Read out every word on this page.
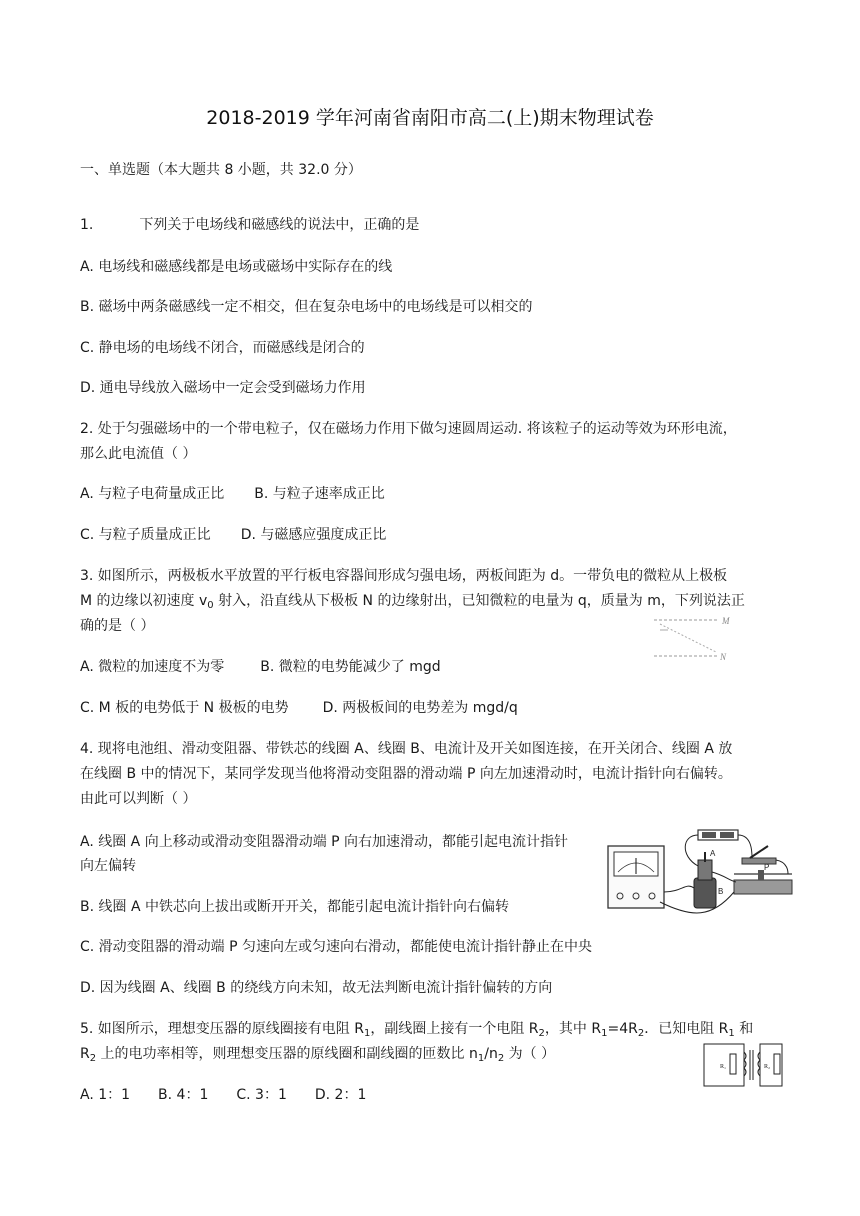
2018-2019 学年河南省南阳市高二(上)期末物理试卷
一、单选题（本大题共 8 小题，共 32.0 分）
1.	下列关于电场线和磁感线的说法中，正确的是
A. 电场线和磁感线都是电场或磁场中实际存在的线
B. 磁场中两条磁感线一定不相交，但在复杂电场中的电场线是可以相交的
C. 静电场的电场线不闭合，而磁感线是闭合的
D. 通电导线放入磁场中一定会受到磁场力作用
2. 处于匀强磁场中的一个带电粒子，仅在磁场力作用下做匀速圆周运动. 将该粒子的运动等效为环形电流，
那么此电流值（ ）
A. 与粒子电荷量成正比 B. 与粒子速率成正比
C. 与粒子质量成正比 D. 与磁感应强度成正比
3. 如图所示，两极板水平放置的平行板电容器间形成匀强电场，两板间距为 d。一带负电的微粒从上极板
M 的边缘以初速度 $v_0$ 射入，沿直线从下极板 N 的边缘射出，已知微粒的电量为 q，质量为 m，下列说法正
确的是（ ）
A. 微粒的加速度不为零	B. 微粒的电势能减少了 mgd
C. M 板的电势低于 N 极板的电势 D. 两极板间的电势差为 mgd/q
M
N
4. 现将电池组、滑动变阻器、带铁芯的线圈 A、线圈 B、电流计及开关如图连接，在开关闭合、线圈 A 放
在线圈 B 中的情况下，某同学发现当他将滑动变阻器的滑动端 P 向左加速滑动时，电流计指针向右偏转。
由此可以判断（ ）
A. 线圈 A 向上移动或滑动变阻器滑动端 P 向右加速滑动，都能引起电流计指针
向左偏转
B. 线圈 A 中铁芯向上拔出或断开开关，都能引起电流计指针向右偏转
C. 滑动变阻器的滑动端 P 匀速向左或匀速向右滑动，都能使电流计指针静止在中央
D. 因为线圈 A、线圈 B 的绕线方向未知，故无法判断电流计指针偏转的方向
B
A
P
5. 如图所示，理想变压器的原线圈接有电阻 $R_1$，副线圈上接有一个电阻 $R_2$，其中 $R_1=4R_2$．已知电阻 $R_1$ 和
$R_2$ 上的电功率相等，则理想变压器的原线圈和副线圈的匝数比 $n_1/n_2$ 为（ ）
A. 1：1 B. 4：1 C. 3：1 D. 2：1
R₁	R₂
